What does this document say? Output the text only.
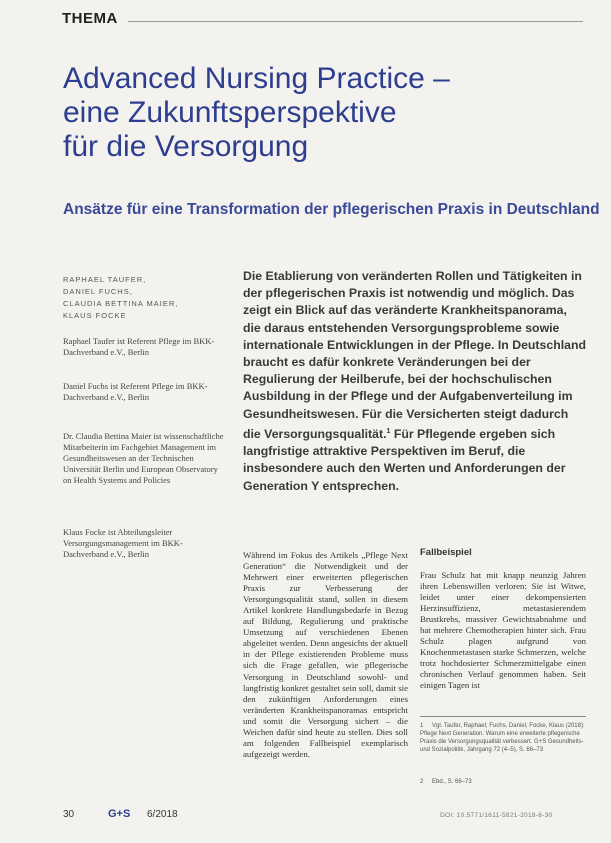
THEMA
Advanced Nursing Practice –
eine Zukunftsperspektive
für die Versorgung
Ansätze für eine Transformation der pflegerischen Praxis in Deutschland
RAPHAEL TAUFER,
DANIEL FUCHS,
CLAUDIA BETTINA MAIER,
KLAUS FOCKE
Raphael Taufer ist Referent Pflege im BKK-Dachverband e.V., Berlin
Daniel Fuchs ist Referent Pflege im BKK-Dachverband e.V., Berlin
Dr. Claudia Bettina Maier ist wissenschaftliche Mitarbeiterin im Fachgebiet Management im Gesundheitswesen an der Technischen Universität Berlin und European Observatory on Health Systems and Policies
Klaus Focke ist Abteilungsleiter Versorgungsmanagement im BKK-Dachverband e.V., Berlin
Die Etablierung von veränderten Rollen und Tätigkeiten in der pflegerischen Praxis ist notwendig und möglich. Das zeigt ein Blick auf das veränderte Krankheitspanorama, die daraus entstehenden Versorgungsprobleme sowie internationale Entwicklungen in der Pflege. In Deutschland braucht es dafür konkrete Veränderungen bei der Regulierung der Heilberufe, bei der hochschulischen Ausbildung in der Pflege und der Aufgabenverteilung im Gesundheitswesen. Für die Versicherten steigt dadurch die Versorgungsqualität.$^1$ Für Pflegende ergeben sich langfristige attraktive Perspektiven im Beruf, die insbesondere auch den Werten und Anforderungen der Generation Y entsprechen.
Während im Fokus des Artikels „Pflege Next Generation“ die Notwendigkeit und der Mehrwert einer erweiterten pflegerischen Praxis zur Verbesserung der Versorgungsqualität stand, sollen in diesem Artikel konkrete Handlungsbedarfe in Bezug auf Bildung, Regulierung und praktische Umsetzung auf verschiedenen Ebenen abgeleitet werden. Denn angesichts der aktuell in der Pflege existierenden Probleme muss sich die Frage gefallen, wie pflegerische Versorgung in Deutschland sowohl- und langfristig konkret gestaltet sein soll, damit sie den zukünftigen Anforderungen eines veränderten Krankheitspanoramas entspricht und somit die Versorgung sichert – die Weichen dafür sind heute zu stellen. Dies soll am folgenden Fallbeispiel exemplarisch aufgezeigt werden.
Fallbeispiel
Frau Schulz hat mit knapp neunzig Jahren ihren Lebenswillen verloren: Sie ist Witwe, leidet unter einer dekompensierten Herzinsuffizienz, metastasierendem Brustkrebs, massiver Gewichtsabnahme und hat mehrere Chemotherapien hinter sich. Frau Schulz plagen aufgrund von Knochenmetastasen starke Schmerzen, welche trotz hochdosierter Schmerzmittelgabe einen chronischen Verlauf genommen haben. Seit einigen Tagen ist
1 Vgl. Taufer, Raphael; Fuchs, Daniel; Focke, Klaus (2018): Pflege Next Generation. Warum eine erweiterte pflegerische Praxis die Versorgungsqualität verbessert. G+S Gesundheits- und Sozialpolitik, Jahrgang 72 (4–5), S. 66–73
2 Ebd., S. 66–73
30	G+S 6/2018	DOI: 10.5771/1611-5821-2018-6-30
